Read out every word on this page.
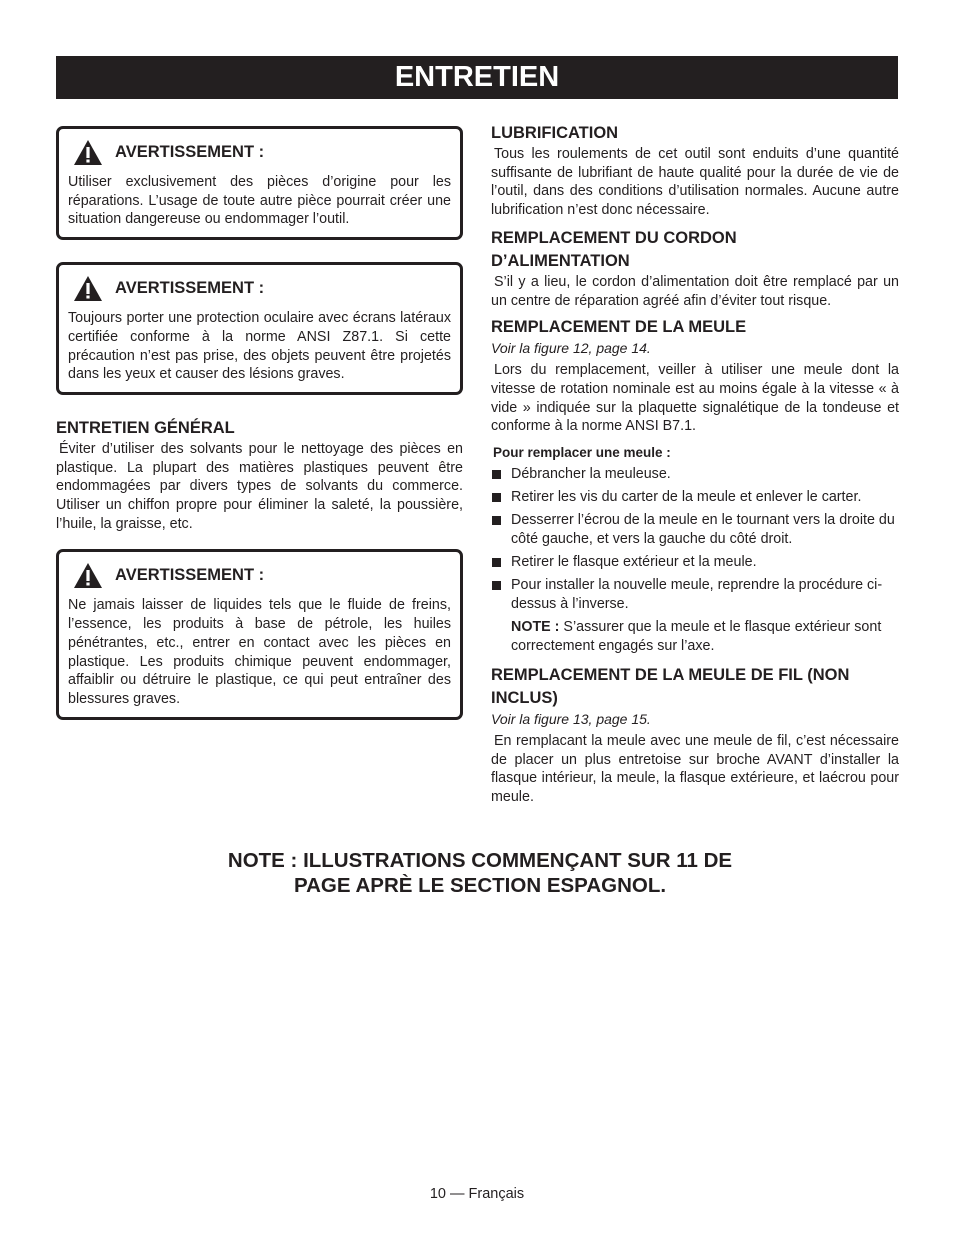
ENTRETIEN
AVERTISSEMENT :
Utiliser exclusivement des pièces d’origine pour les réparations. L’usage de toute autre pièce pourrait créer une situation dangereuse ou endommager l’outil.
AVERTISSEMENT :
Toujours porter une protection oculaire avec écrans latéraux certifiée conforme à la norme ANSI Z87.1. Si cette précaution n’est pas prise, des objets peuvent être projetés dans les yeux et causer des lésions graves.
ENTRETIEN GÉNÉRAL

Éviter d’utiliser des solvants pour le nettoyage des pièces en plastique. La plupart des matières plastiques peuvent être endommagées par divers types de solvants du commerce. Utiliser un chiffon propre pour éliminer la saleté, la poussière, l’huile, la graisse, etc.

AVERTISSEMENT :
Ne jamais laisser de liquides tels que le fluide de freins, l’essence, les produits à base de pétrole, les huiles pénétrantes, etc., entrer en contact avec les pièces en plastique. Les produits chimique peuvent endommager, affaiblir ou détruire le plastique, ce qui peut entraîner des blessures graves.
LUBRIFICATION

Tous les roulements de cet outil sont enduits d’une quantité suffisante de lubrifiant de haute qualité pour la durée de vie de l’outil, dans des conditions d’utilisation normales. Aucune autre lubrification n’est donc nécessaire.

REMPLACEMENT DU CORDON
D’ALIMENTATION

S’il y a lieu, le cordon d’alimentation doit être remplacé par un un centre de réparation agréé afin d’éviter tout risque.

REMPLACEMENT DE LA MEULE
Voir la figure 12, page 14.

Lors du remplacement, veiller à utiliser une meule dont la vitesse de rotation nominale est au moins égale à la vitesse « à vide » indiquée sur la plaquette signalétique de la tondeuse et conforme à la norme ANSI B7.1.

Pour remplacer une meule :
Débrancher la meuleuse.
Retirer les vis du carter de la meule et enlever le carter.
Desserrer l’écrou de la meule en le tournant vers la droite du côté gauche, et vers la gauche du côté droit.
Retirer le flasque extérieur et la meule.
Pour installer la nouvelle meule, reprendre la procédure ci-dessus à l’inverse.
NOTE : S’assurer que la meule et le flasque extérieur sont correctement engagés sur l’axe.
REMPLACEMENT DE LA MEULE DE FIL (NON INCLUS)
Voir la figure 13, page 15.

En remplacant la meule avec une meule de fil, c’est nécessaire de placer un plus entretoise sur broche AVANT d’installer la flasque intérieur, la meule, la flasque extérieure, et laécrou pour meule.

NOTE : ILLUSTRATIONS COMMENÇANT SUR 11 DE
PAGE APRÈ LE SECTION ESPAGNOL.
10 — Français
